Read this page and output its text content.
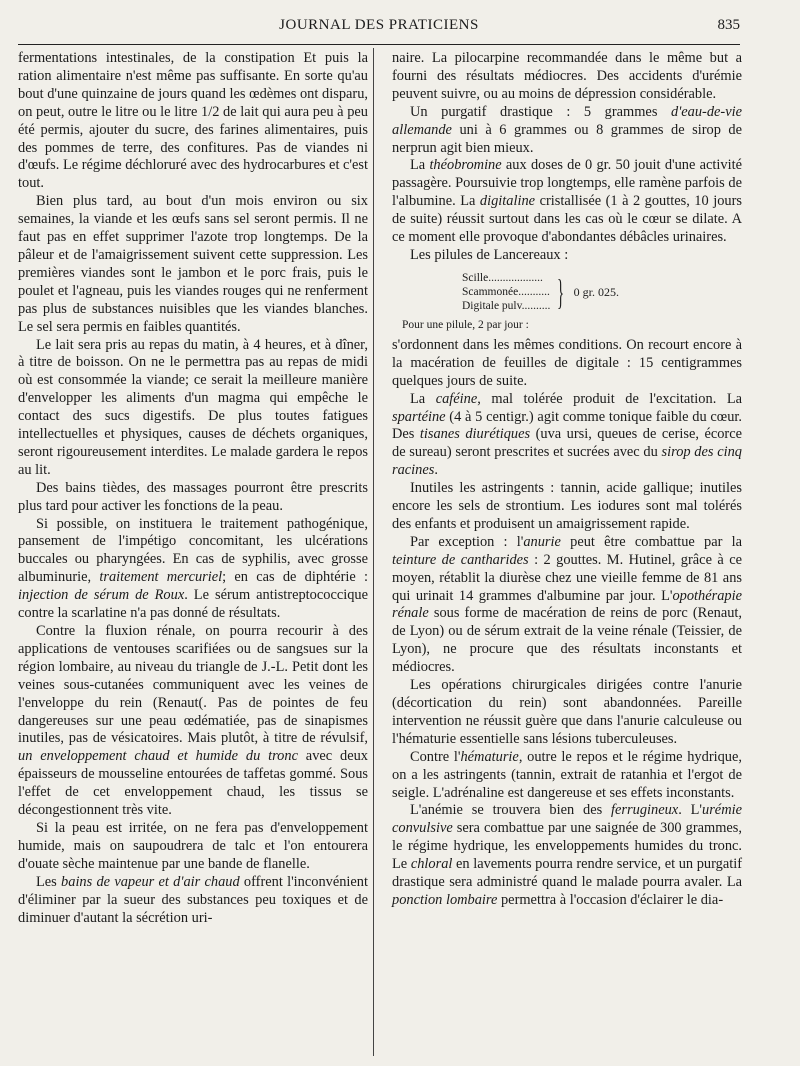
JOURNAL DES PRATICIENS	835

fermentations intestinales, de la constipation Et puis la ration alimentaire n'est même pas suffisante. En sorte qu'au bout d'une quinzaine de jours quand les œdèmes ont disparu, on peut, outre le litre ou le litre 1/2 de lait qui aura peu à peu été permis, ajouter du sucre, des farines alimentaires, puis des pommes de terre, des confitures. Pas de viandes ni d'œufs. Le régime déchloruré avec des hydrocarbures et c'est tout.

Bien plus tard, au bout d'un mois environ ou six semaines, la viande et les œufs sans sel seront permis. Il ne faut pas en effet supprimer l'azote trop longtemps. De la pâleur et de l'amaigrissement suivent cette suppression. Les premières viandes sont le jambon et le porc frais, puis le poulet et l'agneau, puis les viandes rouges qui ne renferment pas plus de substances nuisibles que les viandes blanches. Le sel sera permis en faibles quantités.

Le lait sera pris au repas du matin, à 4 heures, et à dîner, à titre de boisson. On ne le permettra pas au repas de midi où est consommée la viande; ce serait la meilleure manière d'envelopper les aliments d'un magma qui empêche le contact des sucs digestifs. De plus toutes fatigues intellectuelles et physiques, causes de déchets organiques, seront rigoureusement interdites. Le malade gardera le repos au lit.

Des bains tièdes, des massages pourront être prescrits plus tard pour activer les fonctions de la peau.

Si possible, on instituera le traitement pathogénique, pansement de l'impétigo concomitant, les ulcérations buccales ou pharyngées. En cas de syphilis, avec grosse albuminurie, traitement mercuriel; en cas de diphtérie : injection de sérum de Roux. Le sérum antistreptococcique contre la scarlatine n'a pas donné de résultats.

Contre la fluxion rénale, on pourra recourir à des applications de ventouses scarifiées ou de sangsues sur la région lombaire, au niveau du triangle de J.-L. Petit dont les veines sous-cutanées communiquent avec les veines de l'enveloppe du rein (Renaut(. Pas de pointes de feu dangereuses sur une peau œdématiée, pas de sinapismes inutiles, pas de vésicatoires. Mais plutôt, à titre de révulsif, un enveloppement chaud et humide du tronc avec deux épaisseurs de mousseline entourées de taffetas gommé. Sous l'effet de cet enveloppement chaud, les tissus se décongestionnent très vite.

Si la peau est irritée, on ne fera pas d'enveloppement humide, mais on saupoudrera de talc et l'on entourera d'ouate sèche maintenue par une bande de flanelle.

Les bains de vapeur et d'air chaud offrent l'inconvénient d'éliminer par la sueur des substances peu toxiques et de diminuer d'autant la sécrétion uri-

naire. La pilocarpine recommandée dans le même but a fourni des résultats médiocres. Des accidents d'urémie peuvent suivre, ou au moins de dépression considérable.

Un purgatif drastique : 5 grammes d'eau-de-vie allemande uni à 6 grammes ou 8 grammes de sirop de nerprun agit bien mieux.

La théobromine aux doses de 0 gr. 50 jouit d'une activité passagère. Poursuivie trop longtemps, elle ramène parfois de l'albumine. La digitaline cristallisée (1 à 2 gouttes, 10 jours de suite) réussit surtout dans les cas où le cœur se dilate. A ce moment elle provoque d'abondantes débâcles urinaires.

Les pilules de Lancereaux :

Scille...................
Scammonée...........
Digitale pulv.......... } 0 gr. 025.
Pour une pilule, 2 par jour :

s'ordonnent dans les mêmes conditions. On recourt encore à la macération de feuilles de digitale : 15 centigrammes quelques jours de suite.

La caféine, mal tolérée produit de l'excitation. La spartéine (4 à 5 centigr.) agit comme tonique faible du cœur. Des tisanes diurétiques (uva ursi, queues de cerise, écorce de sureau) seront prescrites et sucrées avec du sirop des cinq racines.

Inutiles les astringents : tannin, acide gallique; inutiles encore les sels de strontium. Les iodures sont mal tolérés des enfants et produisent un amaigrissement rapide.

Par exception : l'anurie peut être combattue par la teinture de cantharides : 2 gouttes. M. Hutinel, grâce à ce moyen, rétablit la diurèse chez une vieille femme de 81 ans qui urinait 14 grammes d'albumine par jour. L'opothérapie rénale sous forme de macération de reins de porc (Renaut, de Lyon) ou de sérum extrait de la veine rénale (Teissier, de Lyon), ne procure que des résultats inconstants et médiocres.

Les opérations chirurgicales dirigées contre l'anurie (décortication du rein) sont abandonnées. Pareille intervention ne réussit guère que dans l'anurie calculeuse ou l'hématurie essentielle sans lésions tuberculeuses.

Contre l'hématurie, outre le repos et le régime hydrique, on a les astringents (tannin, extrait de ratanhia et l'ergot de seigle. L'adrénaline est dangereuse et ses effets inconstants.

L'anémie se trouvera bien des ferrugineux. L'urémie convulsive sera combattue par une saignée de 300 grammes, le régime hydrique, les enveloppements humides du tronc. Le chloral en lavements pourra rendre service, et un purgatif drastique sera administré quand le malade pourra avaler. La ponction lombaire permettra à l'occasion d'éclairer le dia-
